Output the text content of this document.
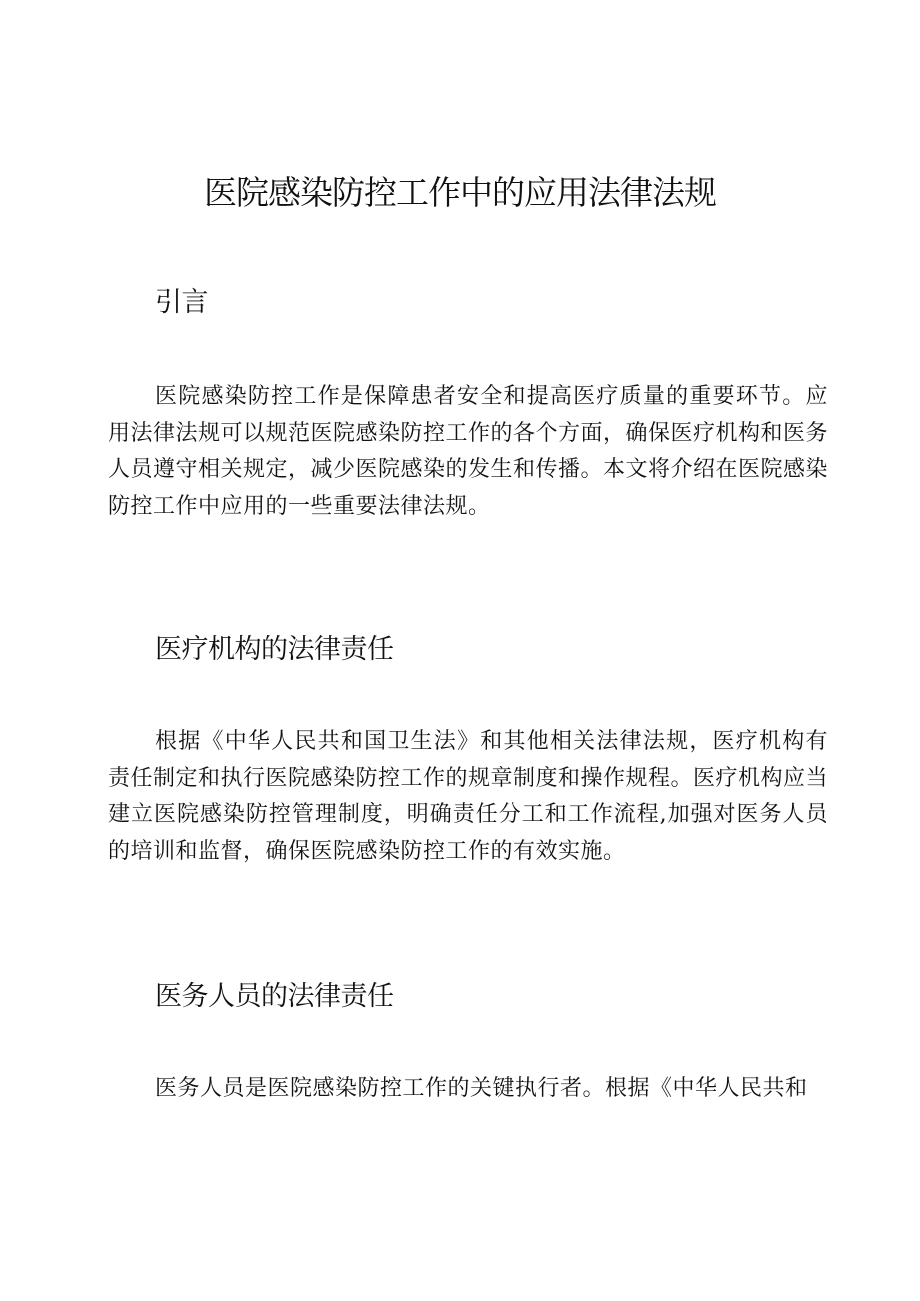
医院感染防控工作中的应用法律法规
引言

医院感染防控工作是保障患者安全和提高医疗质量的重要环节。应用法律法规可以规范医院感染防控工作的各个方面，确保医疗机构和医务人员遵守相关规定，减少医院感染的发生和传播。本文将介绍在医院感染防控工作中应用的一些重要法律法规。

医疗机构的法律责任

根据《中华人民共和国卫生法》和其他相关法律法规，医疗机构有责任制定和执行医院感染防控工作的规章制度和操作规程。医疗机构应当建立医院感染防控管理制度，明确责任分工和工作流程,加强对医务人员的培训和监督，确保医院感染防控工作的有效实施。

医务人员的法律责任

医务人员是医院感染防控工作的关键执行者。根据《中华人民共和
